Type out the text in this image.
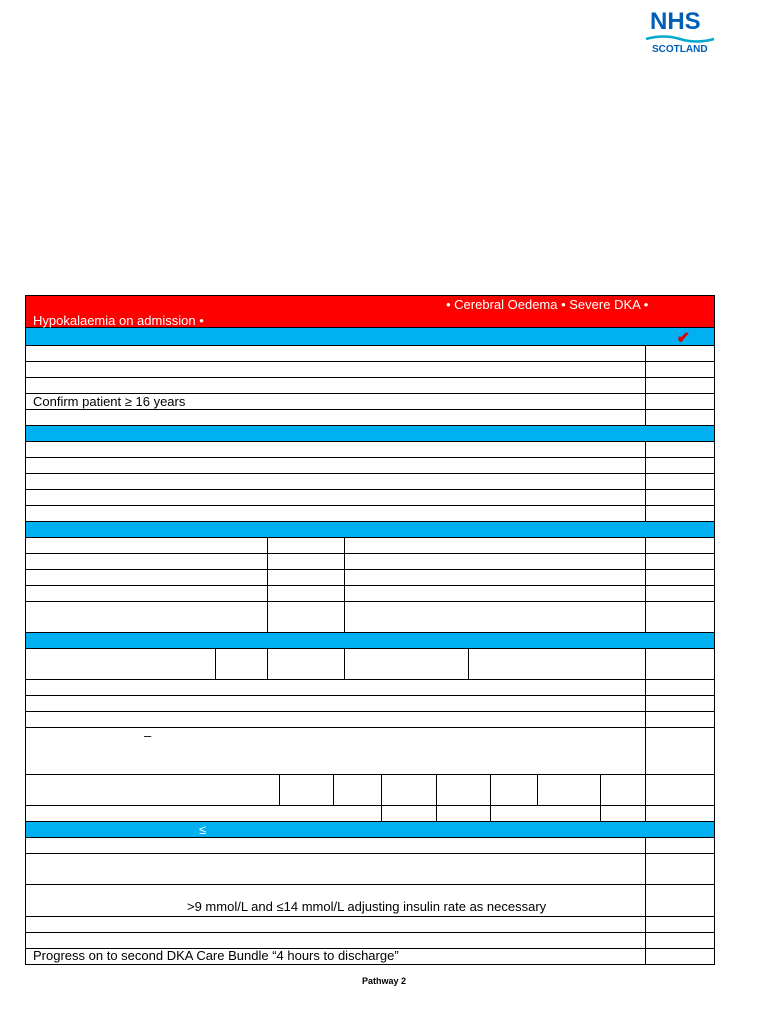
NHS
SCOTLAND
• Cerebral Oedema • Severe DKA •
Hypokalaemia on admission •
✔
Confirm patient ≥ 16 years
–
≤
>9 mmol/L and ≤14 mmol/L adjusting insulin rate as necessary
Progress on to second DKA Care Bundle “4 hours to discharge”
Pathway 2
